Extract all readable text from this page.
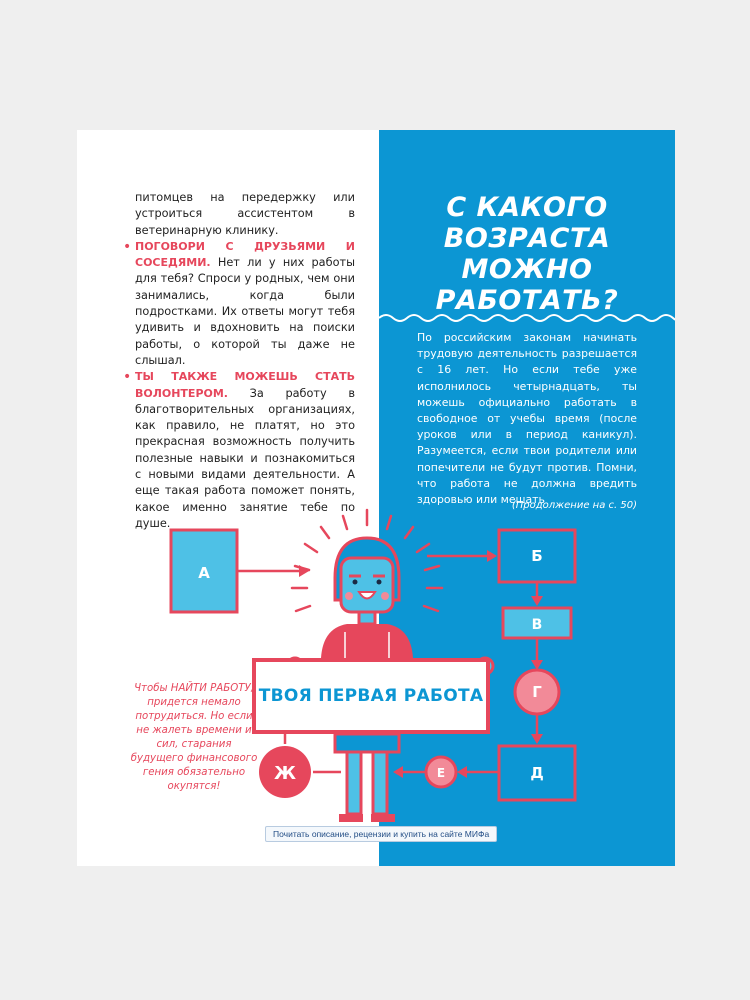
питомцев на передержку или устроиться ассистентом в ветеринарную клинику.

• ПОГОВОРИ С ДРУЗЬЯМИ И СОСЕДЯМИ. Нет ли у них работы для тебя? Спроси у родных, чем они занимались, когда были подростками. Их ответы могут тебя удивить и вдохновить на поиски работы, о которой ты даже не слышал.

• ТЫ ТАКЖЕ МОЖЕШЬ СТАТЬ ВОЛОНТЕРОМ. За работу в благотворительных организациях, как правило, не платят, но это прекрасная возможность получить полезные навыки и познакомиться с новыми видами деятельности. А еще такая работа поможет понять, какое именно занятие тебе по душе.

С КАКОГО
ВОЗРАСТА
МОЖНО
РАБОТАТЬ?

По российским законам начинать трудовую деятельность разрешается с 16 лет. Но если тебе уже исполнилось четырнадцать, ты можешь официально работать в свободное от учебы время (после уроков или в период каникул). Разумеется, если твои родители или попечители не будут против. Помни, что работа не должна вредить здоровью или мешать

(Продолжение на с. 50)

А
Б
В
Г
Д
Е
Ж
ТВОЯ ПЕРВАЯ РАБОТА

Чтобы НАЙТИ РАБОТУ, придется немало потрудиться. Но если не жалеть времени и сил, старания будущего финансового гения обязательно окупятся!

Почитать описание, рецензии и купить на сайте МИФа
